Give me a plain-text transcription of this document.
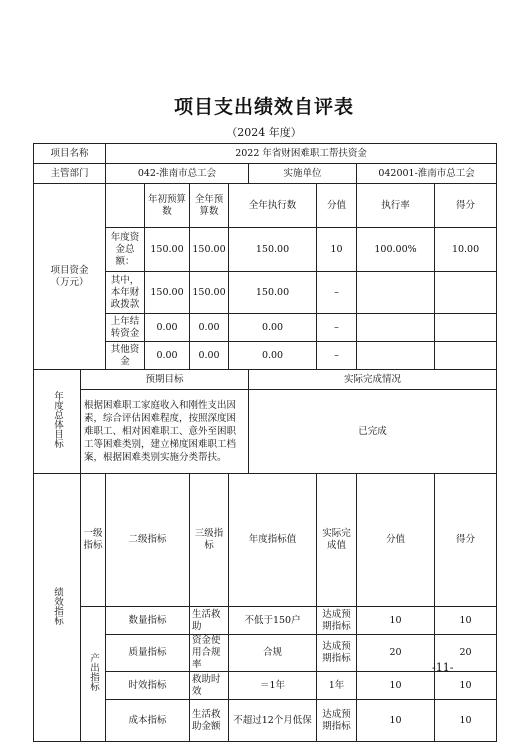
项目支出绩效自评表
（2024 年度）
项目名称		2022 年省财困难职工帮扶资金								
主管部门		042-淮南市总工会				实施单位		042001-淮南市总工会		
项目资金（万元）			年初预算数	全年预算数	全年执行数		分值	执行率	得分	
		年度资金总额：	150.00	150.00	150.00		10	100.00%	10.00	
		其中，本年财政拨款	150.00	150.00	150.00		–			
		上年结转资金	0.00	0.00	0.00		–			
		其他资金	0.00	0.00	0.00		–			
年度总体目标	预期目标					实际完成情况				
	根据困难职工家庭收入和刚性支出因素，综合评估困难程度，按照深度困难职工、相对困难职工、意外至困职工等困难类别，建立梯度困难职工档案，根据困难类别实施分类帮扶。					已完成				
绩效指标	一级指标	二级指标		三级指标	年度指标值		实际完成值	分值	得分	
	产出指标	数量指标		生活救助	不低于150户		达成预期指标	10	10	
		质量指标		资金使用合规率	合规		达成预期指标	20	20	
		时效指标		救助时效	＝1年		1年	10	10	
		成本指标		生活救助金额	不超过12个月低保		达成预期指标	10	10	
-11-
